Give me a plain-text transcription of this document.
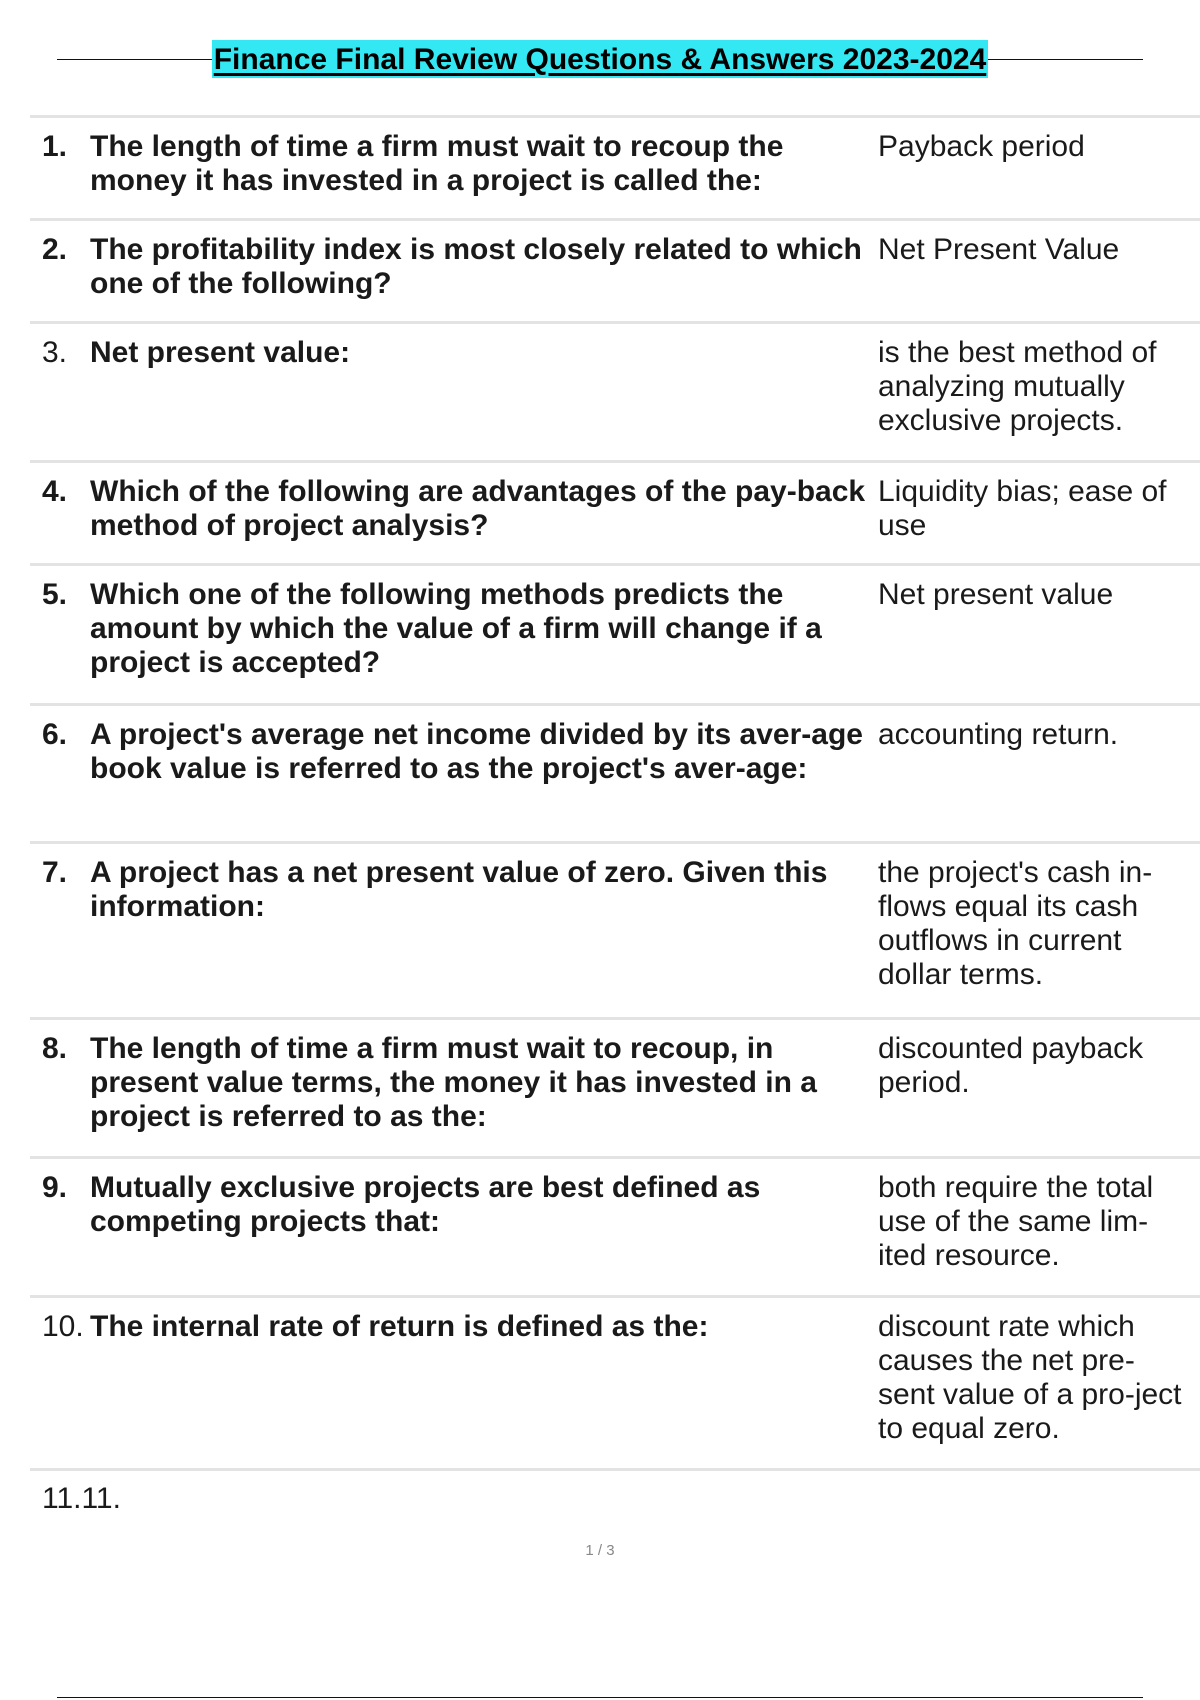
Finance Final Review Questions & Answers 2023-2024
1. The length of time a firm must wait to recoup the money it has invested in a project is called the:
Payback period
2. The profitability index is most closely related to which one of the following?
Net Present Value
3. Net present value:	is the best method of analyzing mutually exclusive projects.
4. Which of the following are advantages of the pay-back method of project analysis?
Liquidity bias; ease of use
5. Which one of the following methods predicts the amount by which the value of a firm will change if a project is accepted?
Net present value
6. A project's average net income divided by its aver-age book value is referred to as the project's aver-age:
accounting return.
7. A project has a net present value of zero. Given this information:
the project's cash in-flows equal its cash outflows in current dollar terms.
8. The length of time a firm must wait to recoup, in present value terms, the money it has invested in a project is referred to as the:
discounted payback period.
9. Mutually exclusive projects are best defined as competing projects that:
both require the total use of the same lim-ited resource.
10. The internal rate of return is defined as the:	discount rate which causes the net pre-sent value of a pro-ject to equal zero.
11.11.
1 / 3
